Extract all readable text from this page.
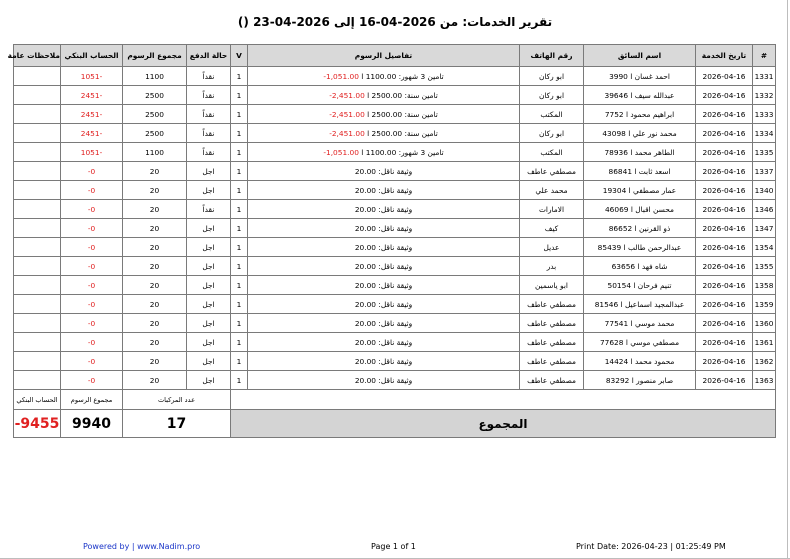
تقرير الخدمات: من 2026-04-16 إلى 2026-04-23 ()
#	تاريخ الخدمة	اسم السائق	رقم الهاتف	تفاصيل الرسوم	V	حالة الدفع	مجموع الرسوم	الحساب البنكي	ملاحظات عامة
1331	2026-04-16	احمد غسان ا 3990	ابو ركان	تامين 3 شهور: 1100.00 ا -1,051.00	1	نقداً	1100	-1051	
1332	2026-04-16	عبدالله سيف ا 39646	ابو ركان	تامين سنة: 2500.00 ا -2,451.00	1	نقداً	2500	-2451	
1333	2026-04-16	ابراهيم محمود ا 7752	المكتب	تامين سنة: 2500.00 ا -2,451.00	1	نقداً	2500	-2451	
1334	2026-04-16	محمد نور علي ا 43098	ابو ركان	تامين سنة: 2500.00 ا -2,451.00	1	نقداً	2500	-2451	
1335	2026-04-16	الطاهر محمد ا 78936	المكتب	تامين 3 شهور: 1100.00 ا -1,051.00	1	نقداً	1100	-1051	
1337	2026-04-16	اسعد ثابت ا 86841	مصطفي عاطف	وثيقة ناقل: 20.00	1	اجل	20	0-	
1340	2026-04-16	عمار مصطفي ا 19304	محمد علي	وثيقة ناقل: 20.00	1	اجل	20	0-	
1346	2026-04-16	محسن اقبال ا 46069	الامارات	وثيقة ناقل: 20.00	1	نقداً	20	0-	
1347	2026-04-16	ذو القرنين ا 86652	كيف	وثيقة ناقل: 20.00	1	اجل	20	0-	
1354	2026-04-16	عبدالرحمن طالب ا 85439	عديل	وثيقة ناقل: 20.00	1	اجل	20	0-	
1355	2026-04-16	شاه فهد ا 63656	بدر	وثيقة ناقل: 20.00	1	اجل	20	0-	
1358	2026-04-16	تنيم فرحان ا 50154	ابو ياسمين	وثيقة ناقل: 20.00	1	اجل	20	0-	
1359	2026-04-16	عبدالمجيد اسماعيل ا 81546	مصطفي عاطف	وثيقة ناقل: 20.00	1	اجل	20	0-	
1360	2026-04-16	محمد موسي ا 77541	مصطفي عاطف	وثيقة ناقل: 20.00	1	اجل	20	0-	
1361	2026-04-16	مصطفي موسي ا 77628	مصطفي عاطف	وثيقة ناقل: 20.00	1	اجل	20	0-	
1362	2026-04-16	محمود محمد ا 14424	مصطفي عاطف	وثيقة ناقل: 20.00	1	اجل	20	0-	
1363	2026-04-16	صابر منصور ا 83292	مصطفي عاطف	وثيقة ناقل: 20.00	1	اجل	20	0-	
						عدد المركبات		مجموع الرسوم	الحساب البنكي
المجموع						17		9940	9455-
Powered by | www.Nadim.pro	Page 1 of 1	Print Date: 2026-04-23 | 01:25:49 PM
